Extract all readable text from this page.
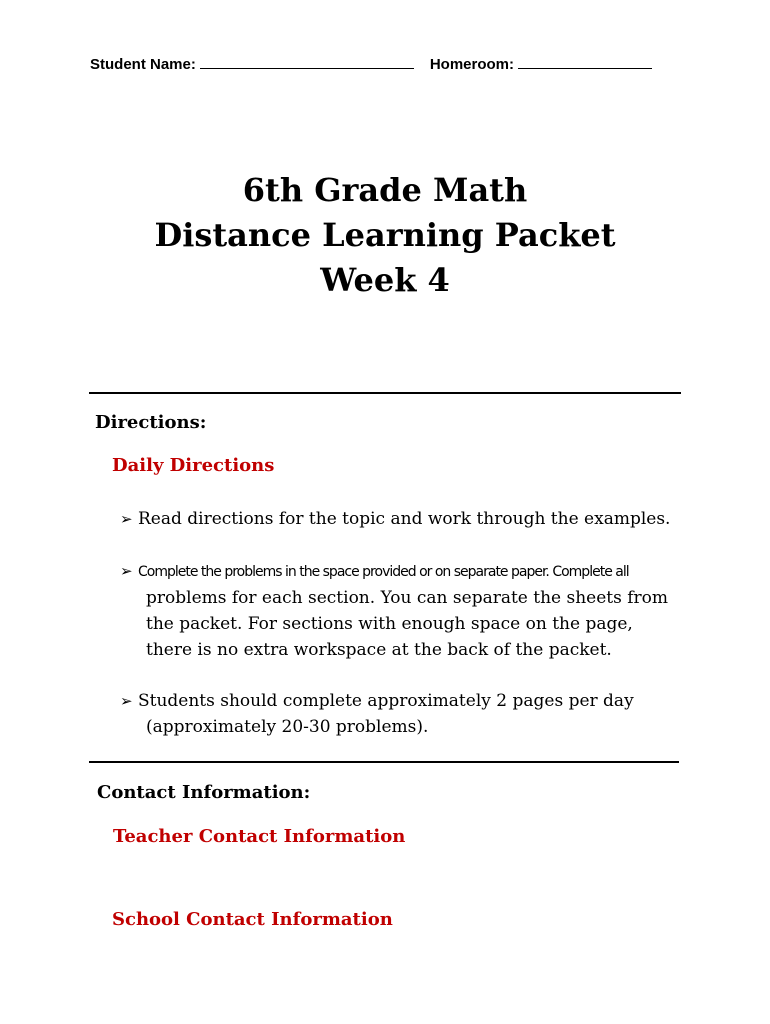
Student Name:	Homeroom:
6th Grade Math
Distance Learning Packet
Week 4
Directions:
Daily Directions
➢ Read directions for the topic and work through the examples.
➢ Complete the problems in the space provided or on separate paper. Complete all
problems for each section. You can separate the sheets from
the packet. For sections with enough space on the page,
there is no extra workspace at the back of the packet.
➢ Students should complete approximately 2 pages per day
(approximately 20-30 problems).
Contact Information:
Teacher Contact Information
School Contact Information
